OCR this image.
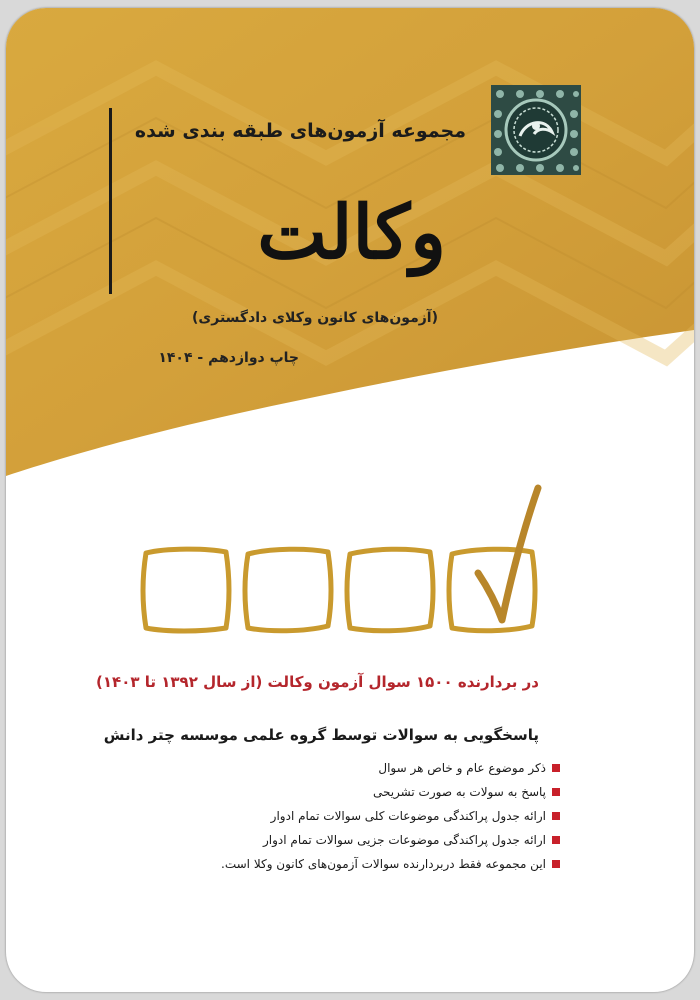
مجموعه آزمون‌های طبقه بندی شده
وكالت
(آزمون‌های کانون وکلای دادگستری)
چاپ دوازدهم - ۱۴۰۴
در بردارنده ۱۵۰۰ سوال آزمون وکالت (از سال ۱۳۹۲ تا ۱۴۰۳)
پاسخگویی به سوالات توسط گروه علمی موسسه چتر دانش
ذکر موضوع عام و خاص هر سوال
پاسخ به سولات به صورت تشریحی
ارائه جدول پراکندگی موضوعات کلی سوالات تمام ادوار
ارائه جدول پراکندگی موضوعات جزیی سوالات تمام ادوار
این مجموعه فقط دربردارنده سوالات آزمون‌های کانون وکلا است.
